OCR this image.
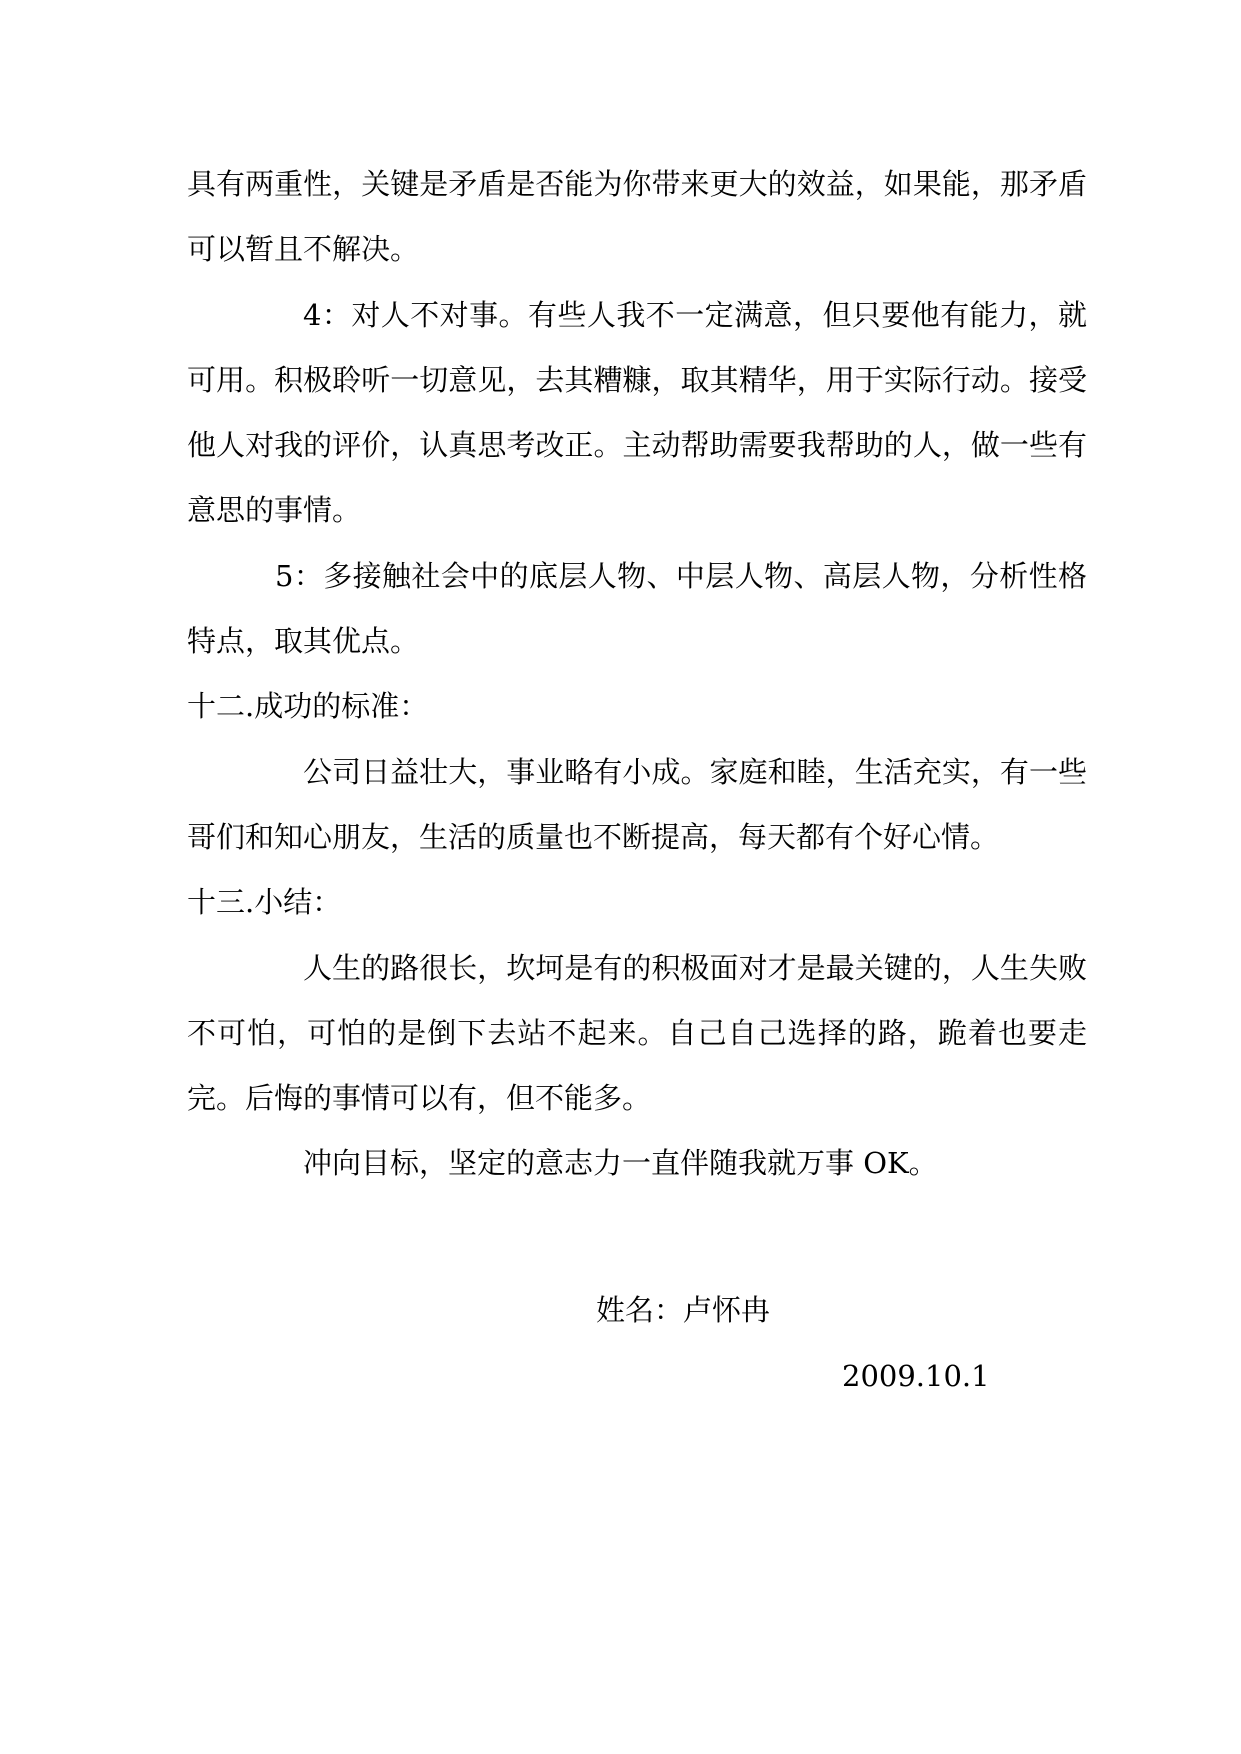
具有两重性，关键是矛盾是否能为你带来更大的效益，如果能，那矛盾可以暂且不解决。

4：对人不对事。有些人我不一定满意，但只要他有能力，就可用。积极聆听一切意见，去其糟糠，取其精华，用于实际行动。接受他人对我的评价，认真思考改正。主动帮助需要我帮助的人，做一些有意思的事情。

5：多接触社会中的底层人物、中层人物、高层人物，分析性格特点，取其优点。

十二.成功的标准：

公司日益壮大，事业略有小成。家庭和睦，生活充实，有一些哥们和知心朋友，生活的质量也不断提高，每天都有个好心情。

十三.小结：

人生的路很长，坎坷是有的积极面对才是最关键的，人生失败不可怕，可怕的是倒下去站不起来。自己自己选择的路，跪着也要走完。后悔的事情可以有，但不能多。

冲向目标，坚定的意志力一直伴随我就万事 OK。

姓名：卢怀冉
2009.10.1
